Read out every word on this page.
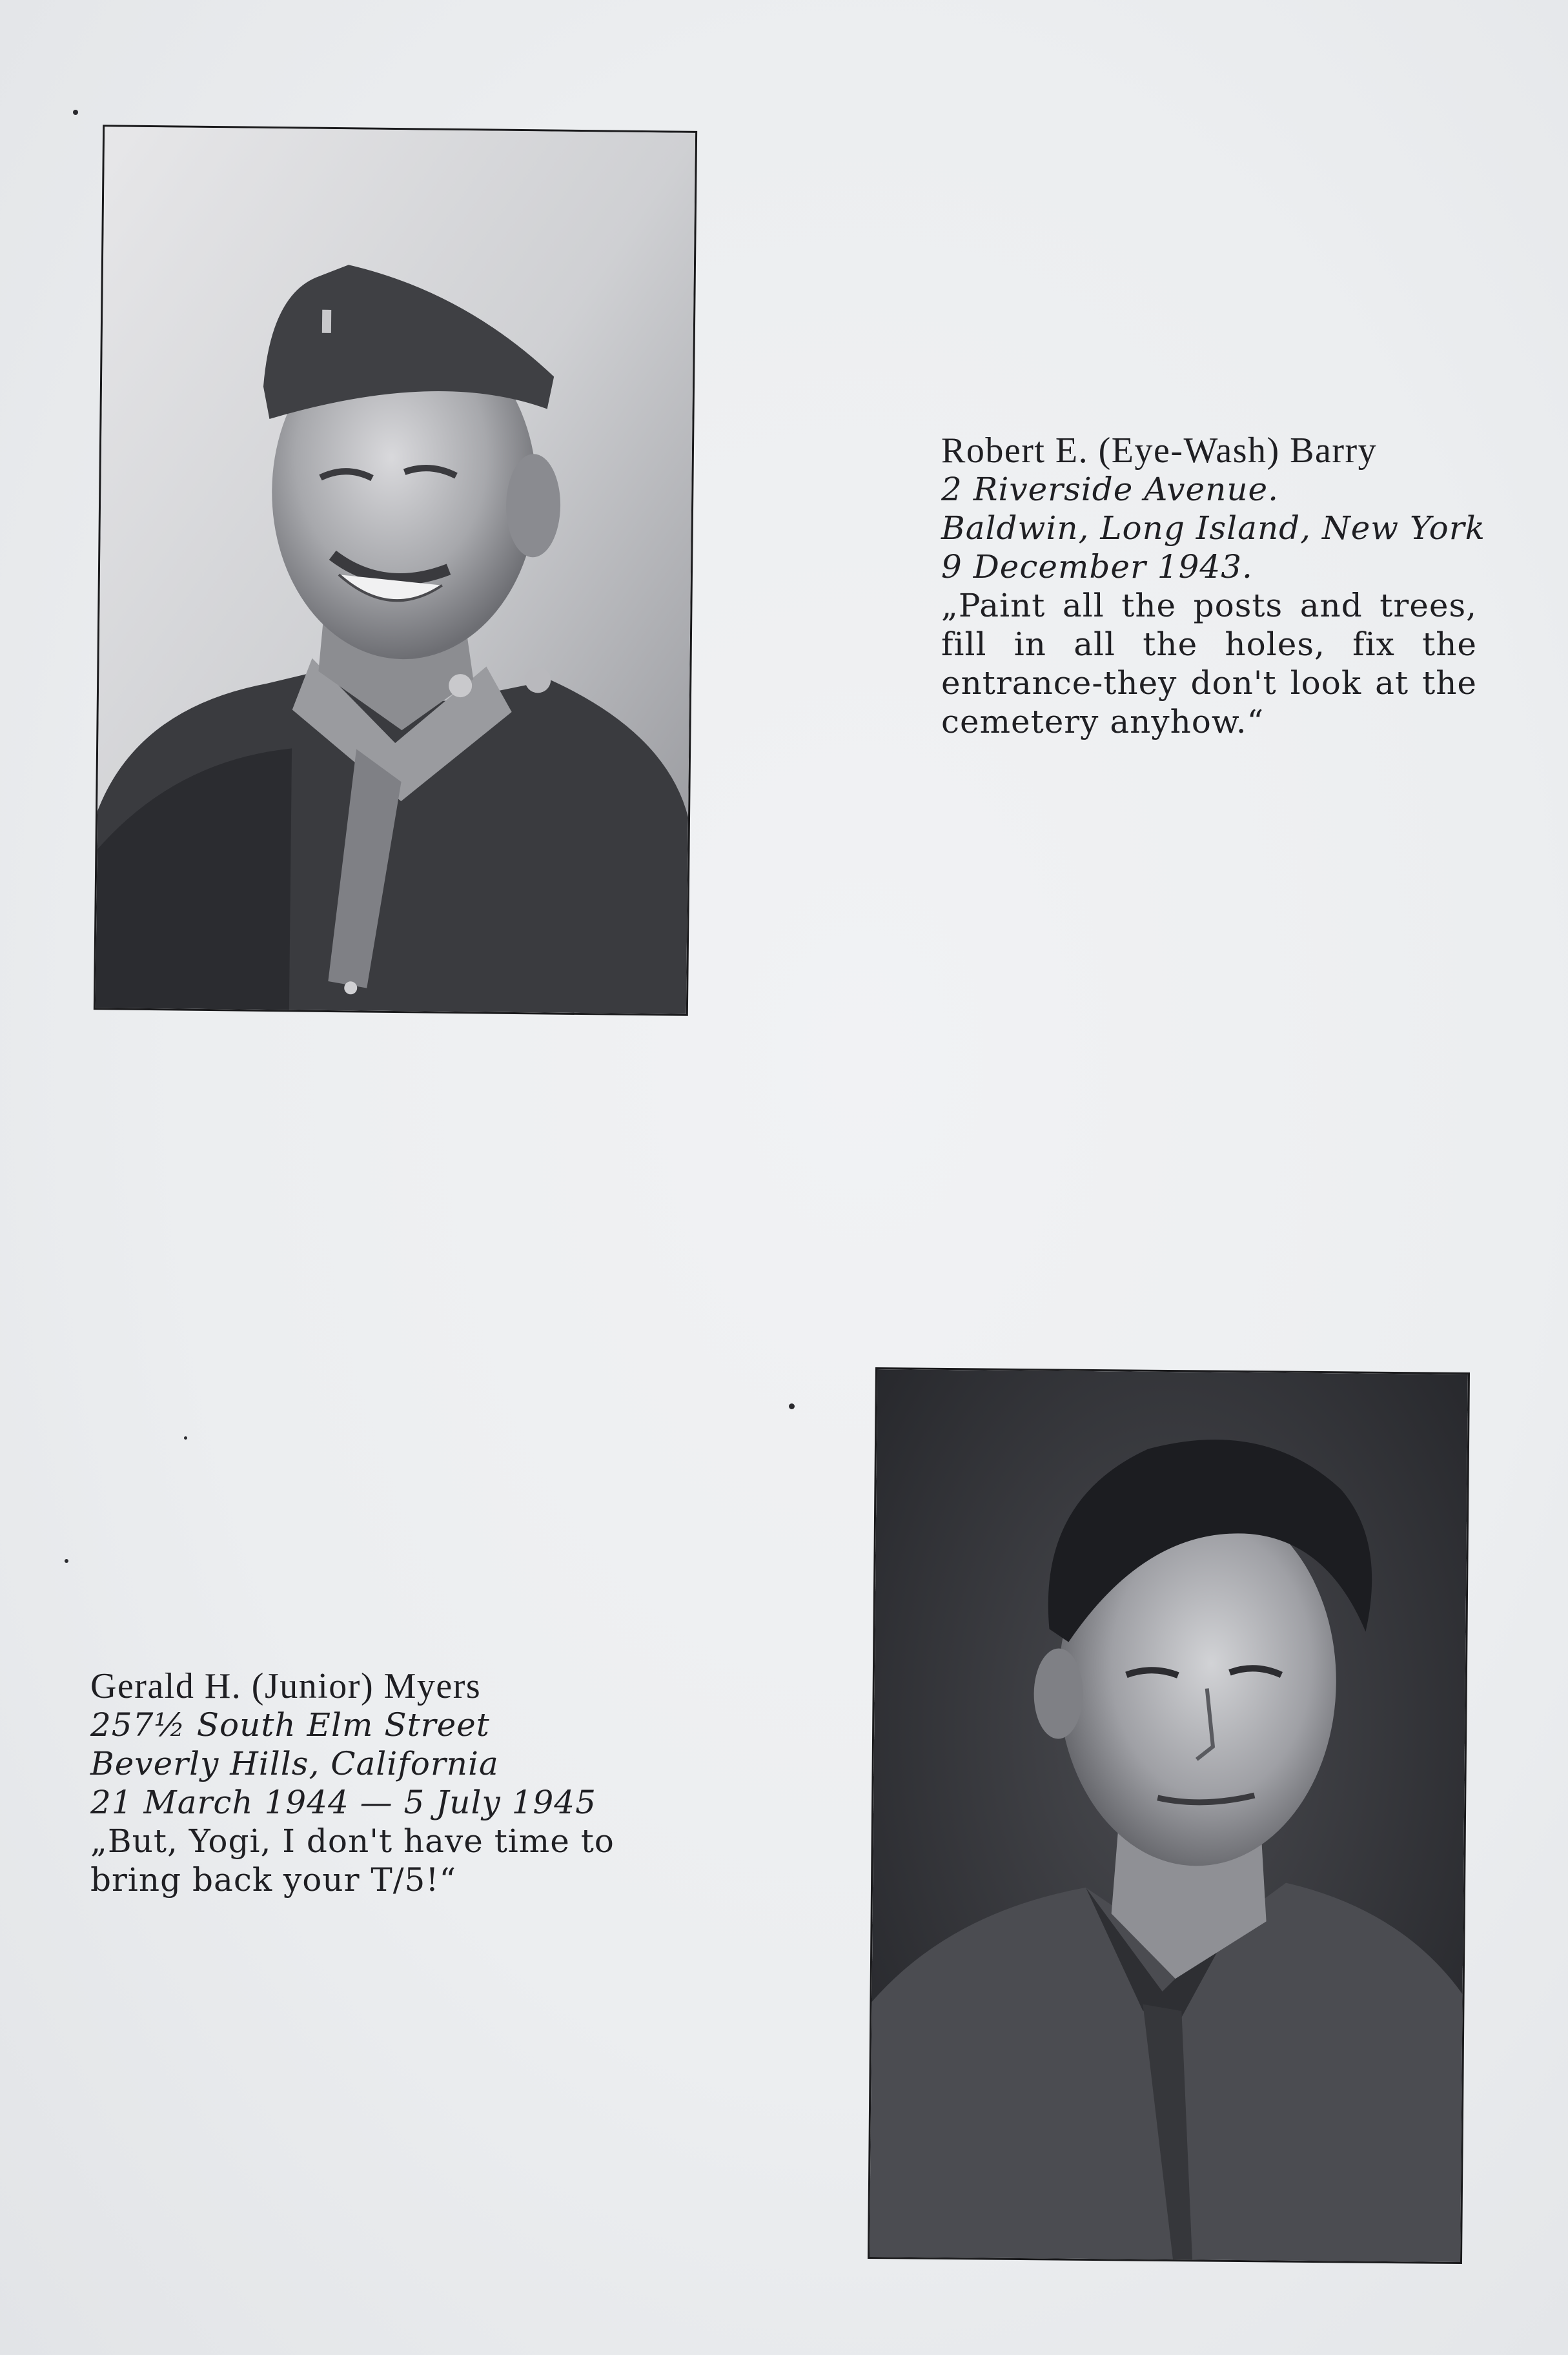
Robert E. (Eye-Wash) Barry
2 Riverside Avenue.
Baldwin, Long Island, New York
9 December 1943.
„Paint all the posts and trees, fill in all the holes, fix the entrance-they don't look at the cemetery anyhow.“
Gerald H. (Junior) Myers
257½ South Elm Street
Beverly Hills, California
21 March 1944 — 5 July 1945
„But, Yogi, I don't have time to bring back your T/5!“
